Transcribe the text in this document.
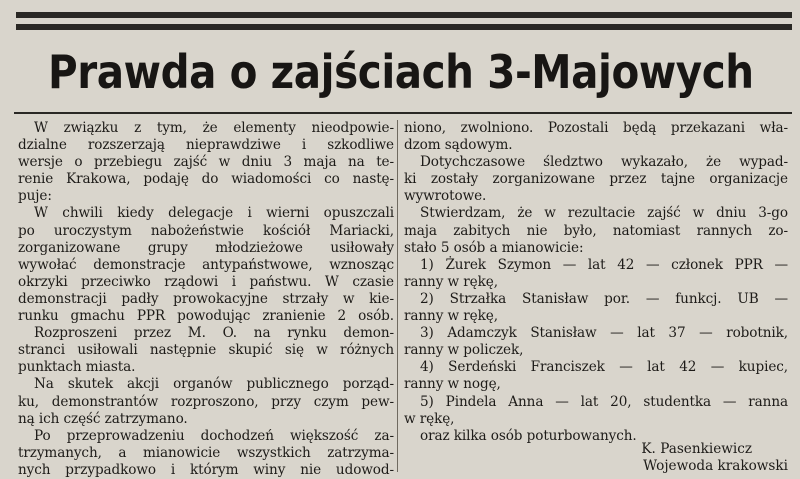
Prawda o zajściach 3-Majowych
W związku z tym, że elementy nieodpowie-
dzialne rozszerzają nieprawdziwe i szkodliwe
wersje o przebiegu zajść w dniu 3 maja na te-
renie Krakowa, podaję do wiadomości co nastę-
puje:
W chwili kiedy delegacje i wierni opuszczali
po uroczystym nabożeństwie kościół Mariacki,
zorganizowane grupy młodzieżowe usiłowały
wywołać demonstracje antypaństwowe, wznosząc
okrzyki przeciwko rządowi i państwu. W czasie
demonstracji padły prowokacyjne strzały w kie-
runku gmachu PPR powodując zranienie 2 osób.
Rozproszeni przez M. O. na rynku demon-
stranci usiłowali następnie skupić się w różnych
punktach miasta.
Na skutek akcji organów publicznego porząd-
ku, demonstrantów rozproszono, przy czym pew-
ną ich część zatrzymano.
Po przeprowadzeniu dochodzeń większość za-
trzymanych, a mianowicie wszystkich zatrzyma-
nych przypadkowo i którym winy nie udowod-
niono, zwolniono. Pozostali będą przekazani wła-
dzom sądowym.
Dotychczasowe śledztwo wykazało, że wypad-
ki zostały zorganizowane przez tajne organizacje
wywrotowe.
Stwierdzam, że w rezultacie zajść w dniu 3-go
maja zabitych nie było, natomiast rannych zo-
stało 5 osób a mianowicie:
1) Żurek Szymon — lat 42 — członek PPR —
ranny w rękę,
2) Strzałka Stanisław por. — funkcj. UB —
ranny w rękę,
3) Adamczyk Stanisław — lat 37 — robotnik,
ranny w policzek,
4) Serdeński Franciszek — lat 42 — kupiec,
ranny w nogę,
5) Pindela Anna — lat 20, studentka — ranna
w rękę,
oraz kilka osób poturbowanych.
K. Pasenkiewicz
Wojewoda krakowski
